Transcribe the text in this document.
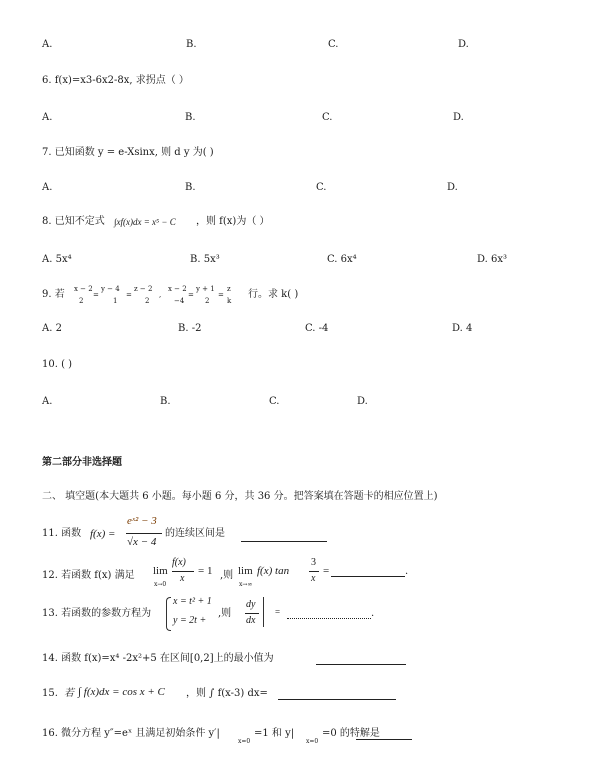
A.	B.	C.	D.
6. f(x)=x3-6x2-8x, 求拐点（ ）
A.	B.	C.	D.
7. 已知函数 y = e-Xsinx, 则 d y 为( )
A.	B.	C.	D.
8. 已知不定式 ∫xf(x)dx = x⁵ − C ，则 f(x)为（ ）
A. 5x⁴	B. 5x³	C. 6x⁴	D. 6x³
9. 若 x − 2
2
=
y − 4
1
=
z − 2
2
,
x − 2
−4
=
y + 1
2
=
z
k
行。求 k( )
A. 2	B. -2	C. -4	D. 4
10. ( )
A.	B.	C.	D.
第二部分非选择题
二、 填空题(本大题共 6 小题。每小题 6 分，共 36 分。把答案填在答题卡的相应位置上)
11. 函数 f(x) =
eˣ² − 3
√x − 4
的连续区间是
12. 若函数 f(x) 满足 lim
x→0
f(x)
x
= 1 ,则 lim
x→∞
f(x) tan
3
x
=	.
13. 若函数的参数方程为
x = t² + 1
y = 2t +
,则
dy
dx
=	.
14. 函数 f(x)=x⁴ -2x²+5 在区间[0,2]上的最小值为
15. 若 ∫ f(x)dx = cos x + C ，则 ∫ f(x-3) dx=
16. 微分方程 y″=eˣ 且满足初始条件 y′|
x=0
=1 和 y|
x=0
=0 的特解是
